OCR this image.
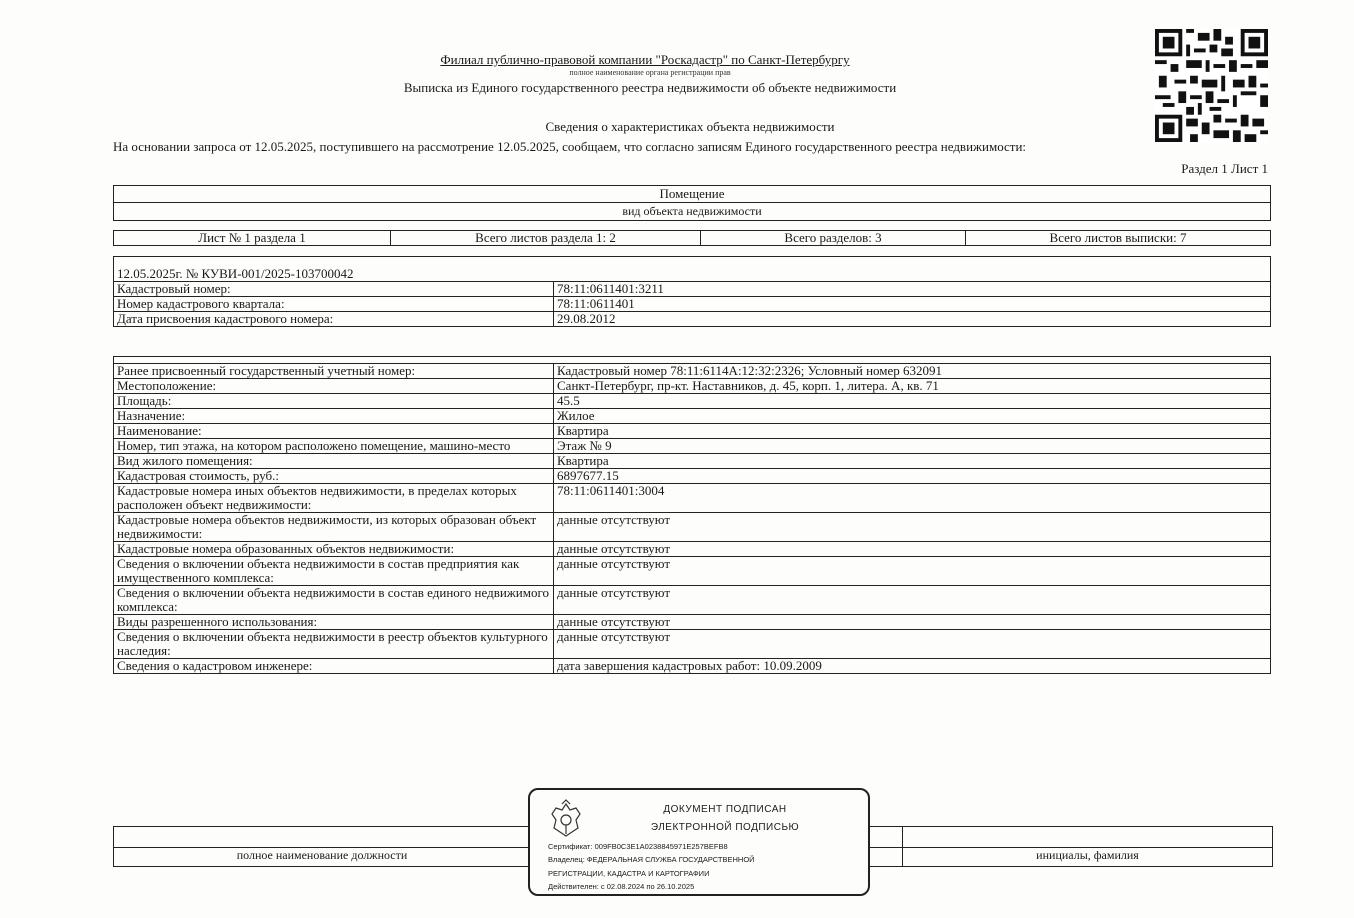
Филиал публично-правовой компании "Роскадастр" по Санкт-Петербургу
полное наименование органа регистрации прав
Выписка из Единого государственного реестра недвижимости об объекте недвижимости
Сведения о характеристиках объекта недвижимости
На основании запроса от 12.05.2025, поступившего на рассмотрение 12.05.2025, сообщаем, что согласно записям Единого государственного реестра недвижимости:
Раздел 1 Лист 1
Помещение
вид объекта недвижимости
Лист № 1 раздела 1	Всего листов раздела 1: 2	Всего разделов: 3	Всего листов выписки: 7
12.05.2025г. № КУВИ-001/2025-103700042	
Кадастровый номер:	78:11:0611401:3211
Номер кадастрового квартала:	78:11:0611401
Дата присвоения кадастрового номера:	29.08.2012

Ранее присвоенный государственный учетный номер:	Кадастровый номер 78:11:6114А:12:32:2326; Условный номер 632091
Местоположение:	Санкт-Петербург, пр-кт. Наставников, д. 45, корп. 1, литера. А, кв. 71
Площадь:	45.5
Назначение:	Жилое
Наименование:	Квартира
Номер, тип этажа, на котором расположено помещение, машино-место	Этаж № 9
Вид жилого помещения:	Квартира
Кадастровая стоимость, руб.:	6897677.15
Кадастровые номера иных объектов недвижимости, в пределах которых расположен объект недвижимости:	78:11:0611401:3004
Кадастровые номера объектов недвижимости, из которых образован объект недвижимости:	данные отсутствуют
Кадастровые номера образованных объектов недвижимости:	данные отсутствуют
Сведения о включении объекта недвижимости в состав предприятия как имущественного комплекса:	данные отсутствуют
Сведения о включении объекта недвижимости в состав единого недвижимого комплекса:	данные отсутствуют
Виды разрешенного использования:	данные отсутствуют
Сведения о включении объекта недвижимости в реестр объектов культурного наследия:	данные отсутствуют
Сведения о кадастровом инженере:	дата завершения кадастровых работ: 10.09.2009

полное наименование должности		инициалы, фамилия
ДОКУМЕНТ ПОДПИСАН
ЭЛЕКТРОННОЙ ПОДПИСЬЮ
Сертификат: 009FB0C3E1A0238845971E257BEFB8
Владелец: ФЕДЕРАЛЬНАЯ СЛУЖБА ГОСУДАРСТВЕННОЙ
РЕГИСТРАЦИИ, КАДАСТРА И КАРТОГРАФИИ
Действителен: с 02.08.2024 по 26.10.2025
